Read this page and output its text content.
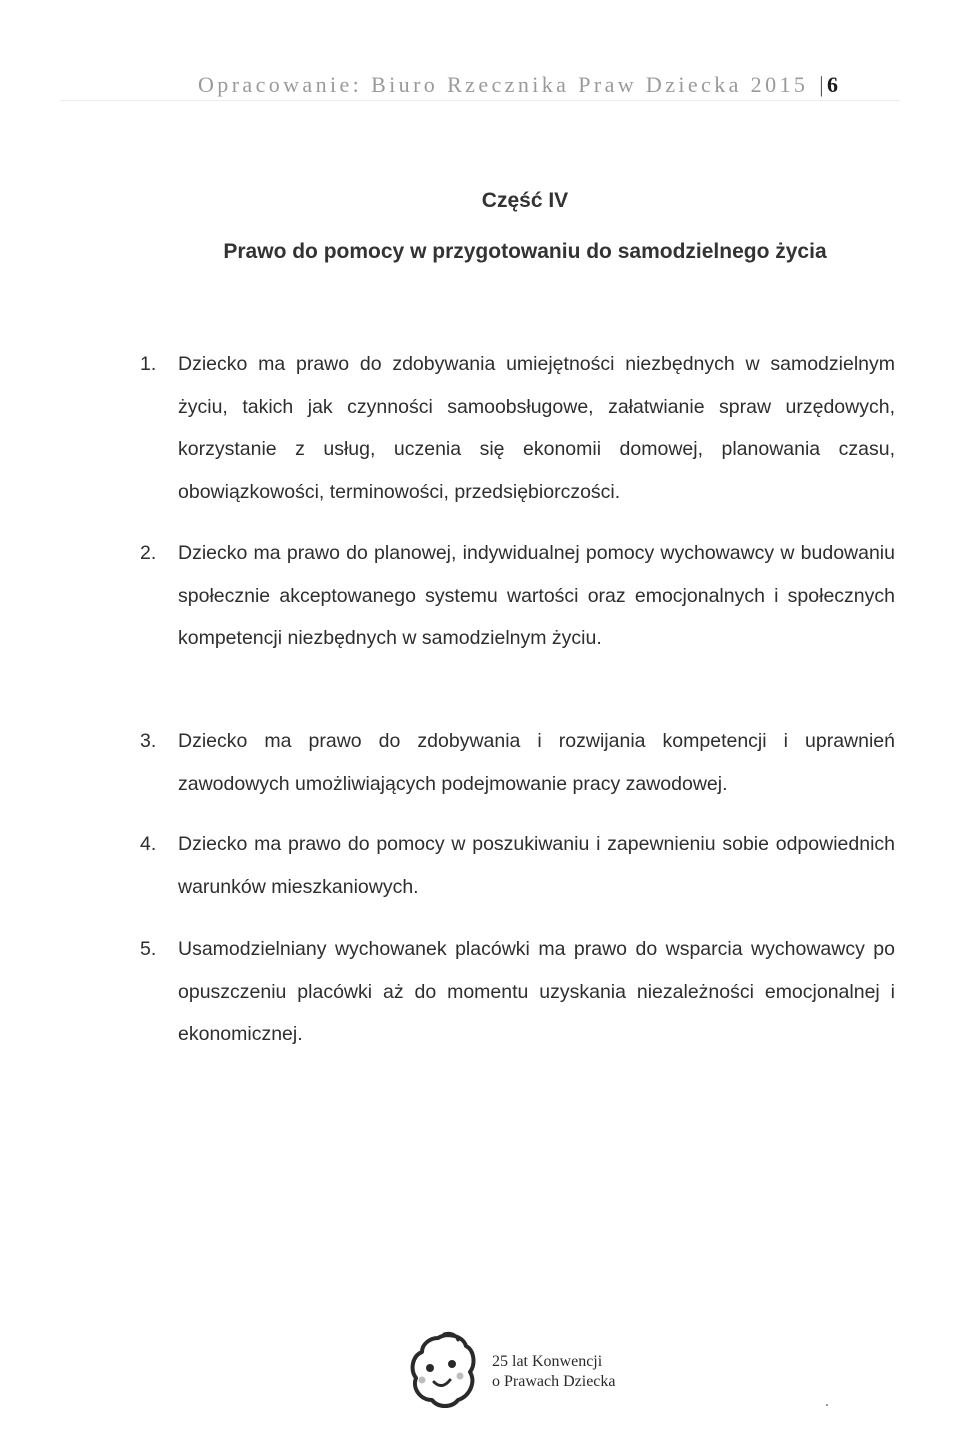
Opracowanie: Biuro Rzecznika Praw Dziecka 2015 |6
Część IV
Prawo do pomocy w przygotowaniu do samodzielnego życia
1. Dziecko ma prawo do zdobywania umiejętności niezbędnych w samodzielnym życiu, takich jak czynności samoobsługowe, załatwianie spraw urzędowych, korzystanie z usług, uczenia się ekonomii domowej, planowania czasu, obowiązkowości, terminowości, przedsiębiorczości.
2. Dziecko ma prawo do planowej, indywidualnej pomocy wychowawcy w budowaniu społecznie akceptowanego systemu wartości oraz emocjonalnych i społecznych kompetencji niezbędnych w samodzielnym życiu.
3. Dziecko ma prawo do zdobywania i rozwijania kompetencji i uprawnień zawodowych umożliwiających podejmowanie pracy zawodowej.
4. Dziecko ma prawo do pomocy w poszukiwaniu i zapewnieniu sobie odpowiednich warunków mieszkaniowych.
5. Usamodzielniany wychowanek placówki ma prawo do wsparcia wychowawcy po opuszczeniu placówki aż do momentu uzyskania niezależności emocjonalnej i ekonomicznej.
25 lat Konwencji
o Prawach Dziecka
